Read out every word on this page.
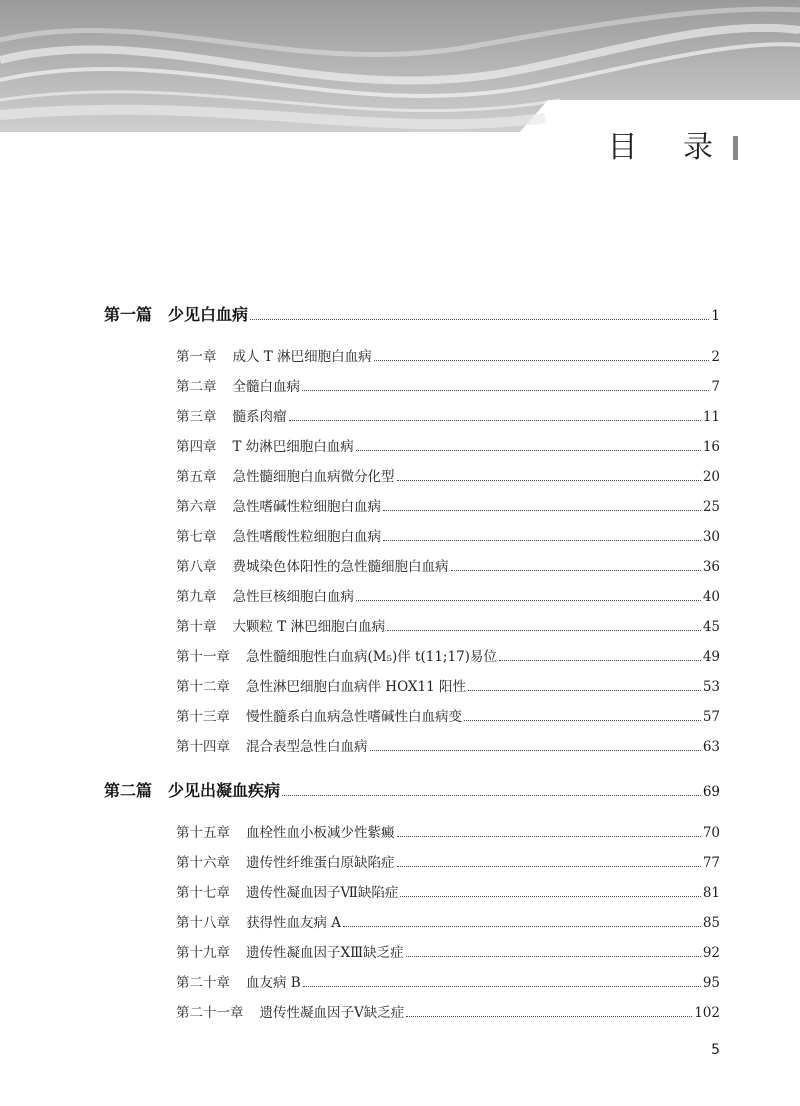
目 录
第一篇 少见白血病	1
第一章 成人 T 淋巴细胞白血病	2
第二章 全髓白血病	7
第三章 髓系肉瘤	11
第四章 T 幼淋巴细胞白血病	16
第五章 急性髓细胞白血病微分化型	20
第六章 急性嗜碱性粒细胞白血病	25
第七章 急性嗜酸性粒细胞白血病	30
第八章 费城染色体阳性的急性髓细胞白血病	36
第九章 急性巨核细胞白血病	40
第十章 大颗粒 T 淋巴细胞白血病	45
第十一章 急性髓细胞性白血病(M₅)伴 t(11;17)易位	49
第十二章 急性淋巴细胞白血病伴 HOX11 阳性	53
第十三章 慢性髓系白血病急性嗜碱性白血病变	57
第十四章 混合表型急性白血病	63
第二篇 少见出凝血疾病	69
第十五章 血栓性血小板减少性紫癜	70
第十六章 遗传性纤维蛋白原缺陷症	77
第十七章 遗传性凝血因子Ⅶ缺陷症	81
第十八章 获得性血友病 A	85
第十九章 遗传性凝血因子ⅩⅢ缺乏症	92
第二十章 血友病 B	95
第二十一章 遗传性凝血因子Ⅴ缺乏症	102
5
